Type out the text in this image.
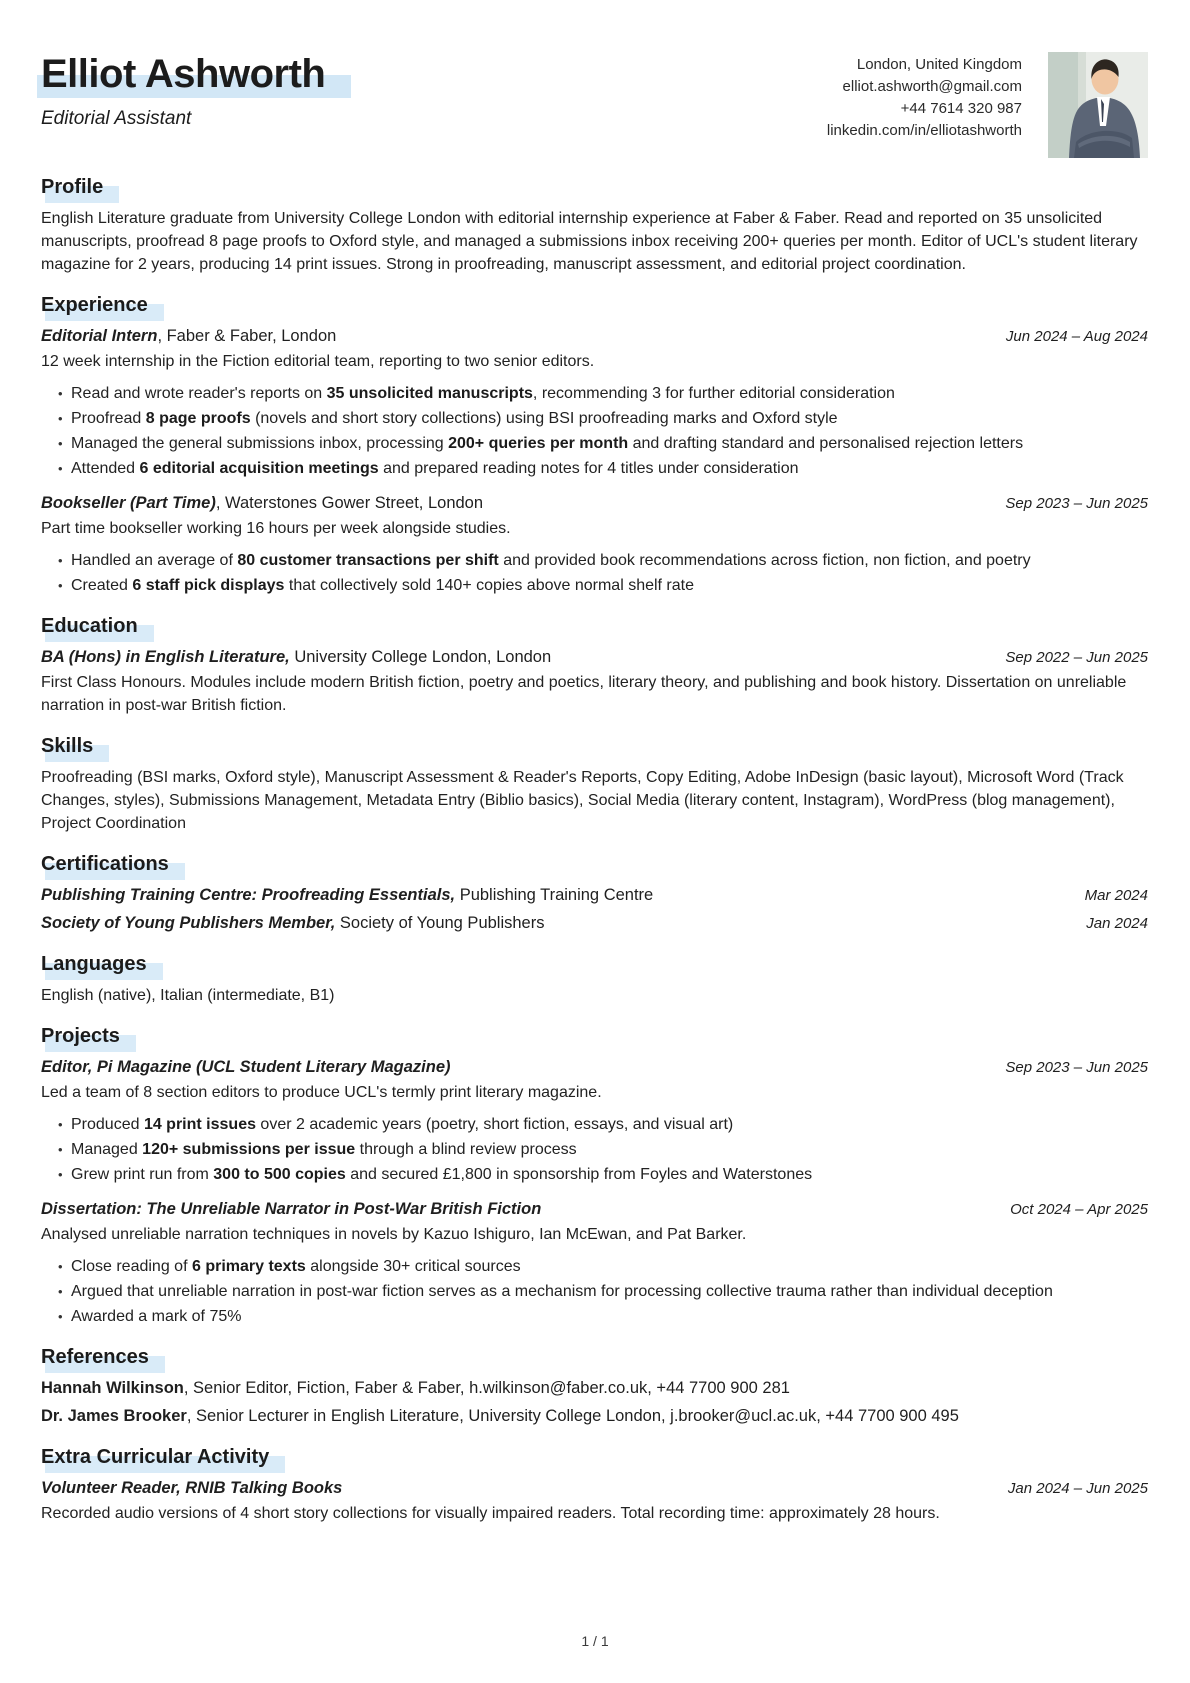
Elliot Ashworth
Editorial Assistant
London, United Kingdom
elliot.ashworth@gmail.com
+44 7614 320 987
linkedin.com/in/elliotashworth
Profile

English Literature graduate from University College London with editorial internship experience at Faber & Faber. Read and reported on 35 unsolicited manuscripts, proofread 8 page proofs to Oxford style, and managed a submissions inbox receiving 200+ queries per month. Editor of UCL's student literary magazine for 2 years, producing 14 print issues. Strong in proofreading, manuscript assessment, and editorial project coordination.

Experience
Editorial Intern, Faber & Faber, London	Jun 2024 – Aug 2024

12 week internship in the Fiction editorial team, reporting to two senior editors.

• Read and wrote reader's reports on 35 unsolicited manuscripts, recommending 3 for further editorial consideration
• Proofread 8 page proofs (novels and short story collections) using BSI proofreading marks and Oxford style
• Managed the general submissions inbox, processing 200+ queries per month and drafting standard and personalised rejection letters
• Attended 6 editorial acquisition meetings and prepared reading notes for 4 titles under consideration
Bookseller (Part Time), Waterstones Gower Street, London	Sep 2023 – Jun 2025

Part time bookseller working 16 hours per week alongside studies.

• Handled an average of 80 customer transactions per shift and provided book recommendations across fiction, non fiction, and poetry
• Created 6 staff pick displays that collectively sold 140+ copies above normal shelf rate
Education
BA (Hons) in English Literature, University College London, London	Sep 2022 – Jun 2025

First Class Honours. Modules include modern British fiction, poetry and poetics, literary theory, and publishing and book history. Dissertation on unreliable narration in post-war British fiction.

Skills

Proofreading (BSI marks, Oxford style), Manuscript Assessment & Reader's Reports, Copy Editing, Adobe InDesign (basic layout), Microsoft Word (Track Changes, styles), Submissions Management, Metadata Entry (Biblio basics), Social Media (literary content, Instagram), WordPress (blog management), Project Coordination

Certifications
Publishing Training Centre: Proofreading Essentials, Publishing Training Centre	Mar 2024
Society of Young Publishers Member, Society of Young Publishers	Jan 2024
Languages

English (native), Italian (intermediate, B1)

Projects
Editor, Pi Magazine (UCL Student Literary Magazine)	Sep 2023 – Jun 2025

Led a team of 8 section editors to produce UCL's termly print literary magazine.

• Produced 14 print issues over 2 academic years (poetry, short fiction, essays, and visual art)
• Managed 120+ submissions per issue through a blind review process
• Grew print run from 300 to 500 copies and secured £1,800 in sponsorship from Foyles and Waterstones
Dissertation: The Unreliable Narrator in Post-War British Fiction	Oct 2024 – Apr 2025

Analysed unreliable narration techniques in novels by Kazuo Ishiguro, Ian McEwan, and Pat Barker.

• Close reading of 6 primary texts alongside 30+ critical sources
• Argued that unreliable narration in post-war fiction serves as a mechanism for processing collective trauma rather than individual deception
• Awarded a mark of 75%
References
Hannah Wilkinson, Senior Editor, Fiction, Faber & Faber, h.wilkinson@faber.co.uk, +44 7700 900 281
Dr. James Brooker, Senior Lecturer in English Literature, University College London, j.brooker@ucl.ac.uk, +44 7700 900 495
Extra Curricular Activity
Volunteer Reader, RNIB Talking Books	Jan 2024 – Jun 2025

Recorded audio versions of 4 short story collections for visually impaired readers. Total recording time: approximately 28 hours.

1 / 1
